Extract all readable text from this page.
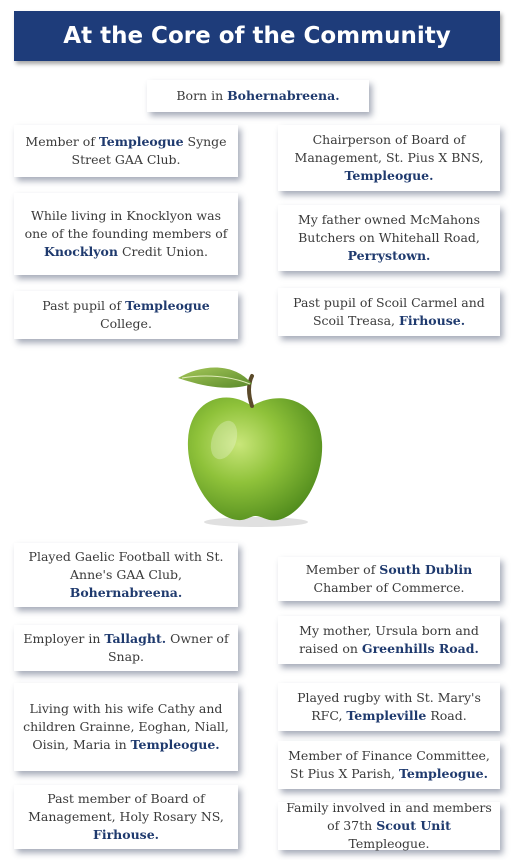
At the Core of the Community
Born in Bohernabreena.
Member of Templeogue Synge Street GAA Club.
Chairperson of Board of Management, St. Pius X BNS, Templeogue.
While living in Knocklyon was one of the founding members of Knocklyon Credit Union.
My father owned McMahons Butchers on Whitehall Road, Perrystown.
Past pupil of Templeogue College.
Past pupil of Scoil Carmel and Scoil Treasa, Firhouse.
Played Gaelic Football with St. Anne's GAA Club, Bohernabreena.
Member of South Dublin Chamber of Commerce.
Employer in Tallaght. Owner of Snap.
My mother, Ursula born and raised on Greenhills Road.
Living with his wife Cathy and children Grainne, Eoghan, Niall, Oisin, Maria in Templeogue.
Played rugby with St. Mary's RFC, Templeville Road.
Member of Finance Committee, St Pius X Parish, Templeogue.
Past member of Board of Management, Holy Rosary NS, Firhouse.
Family involved in and members of 37th Scout Unit Templeogue.
